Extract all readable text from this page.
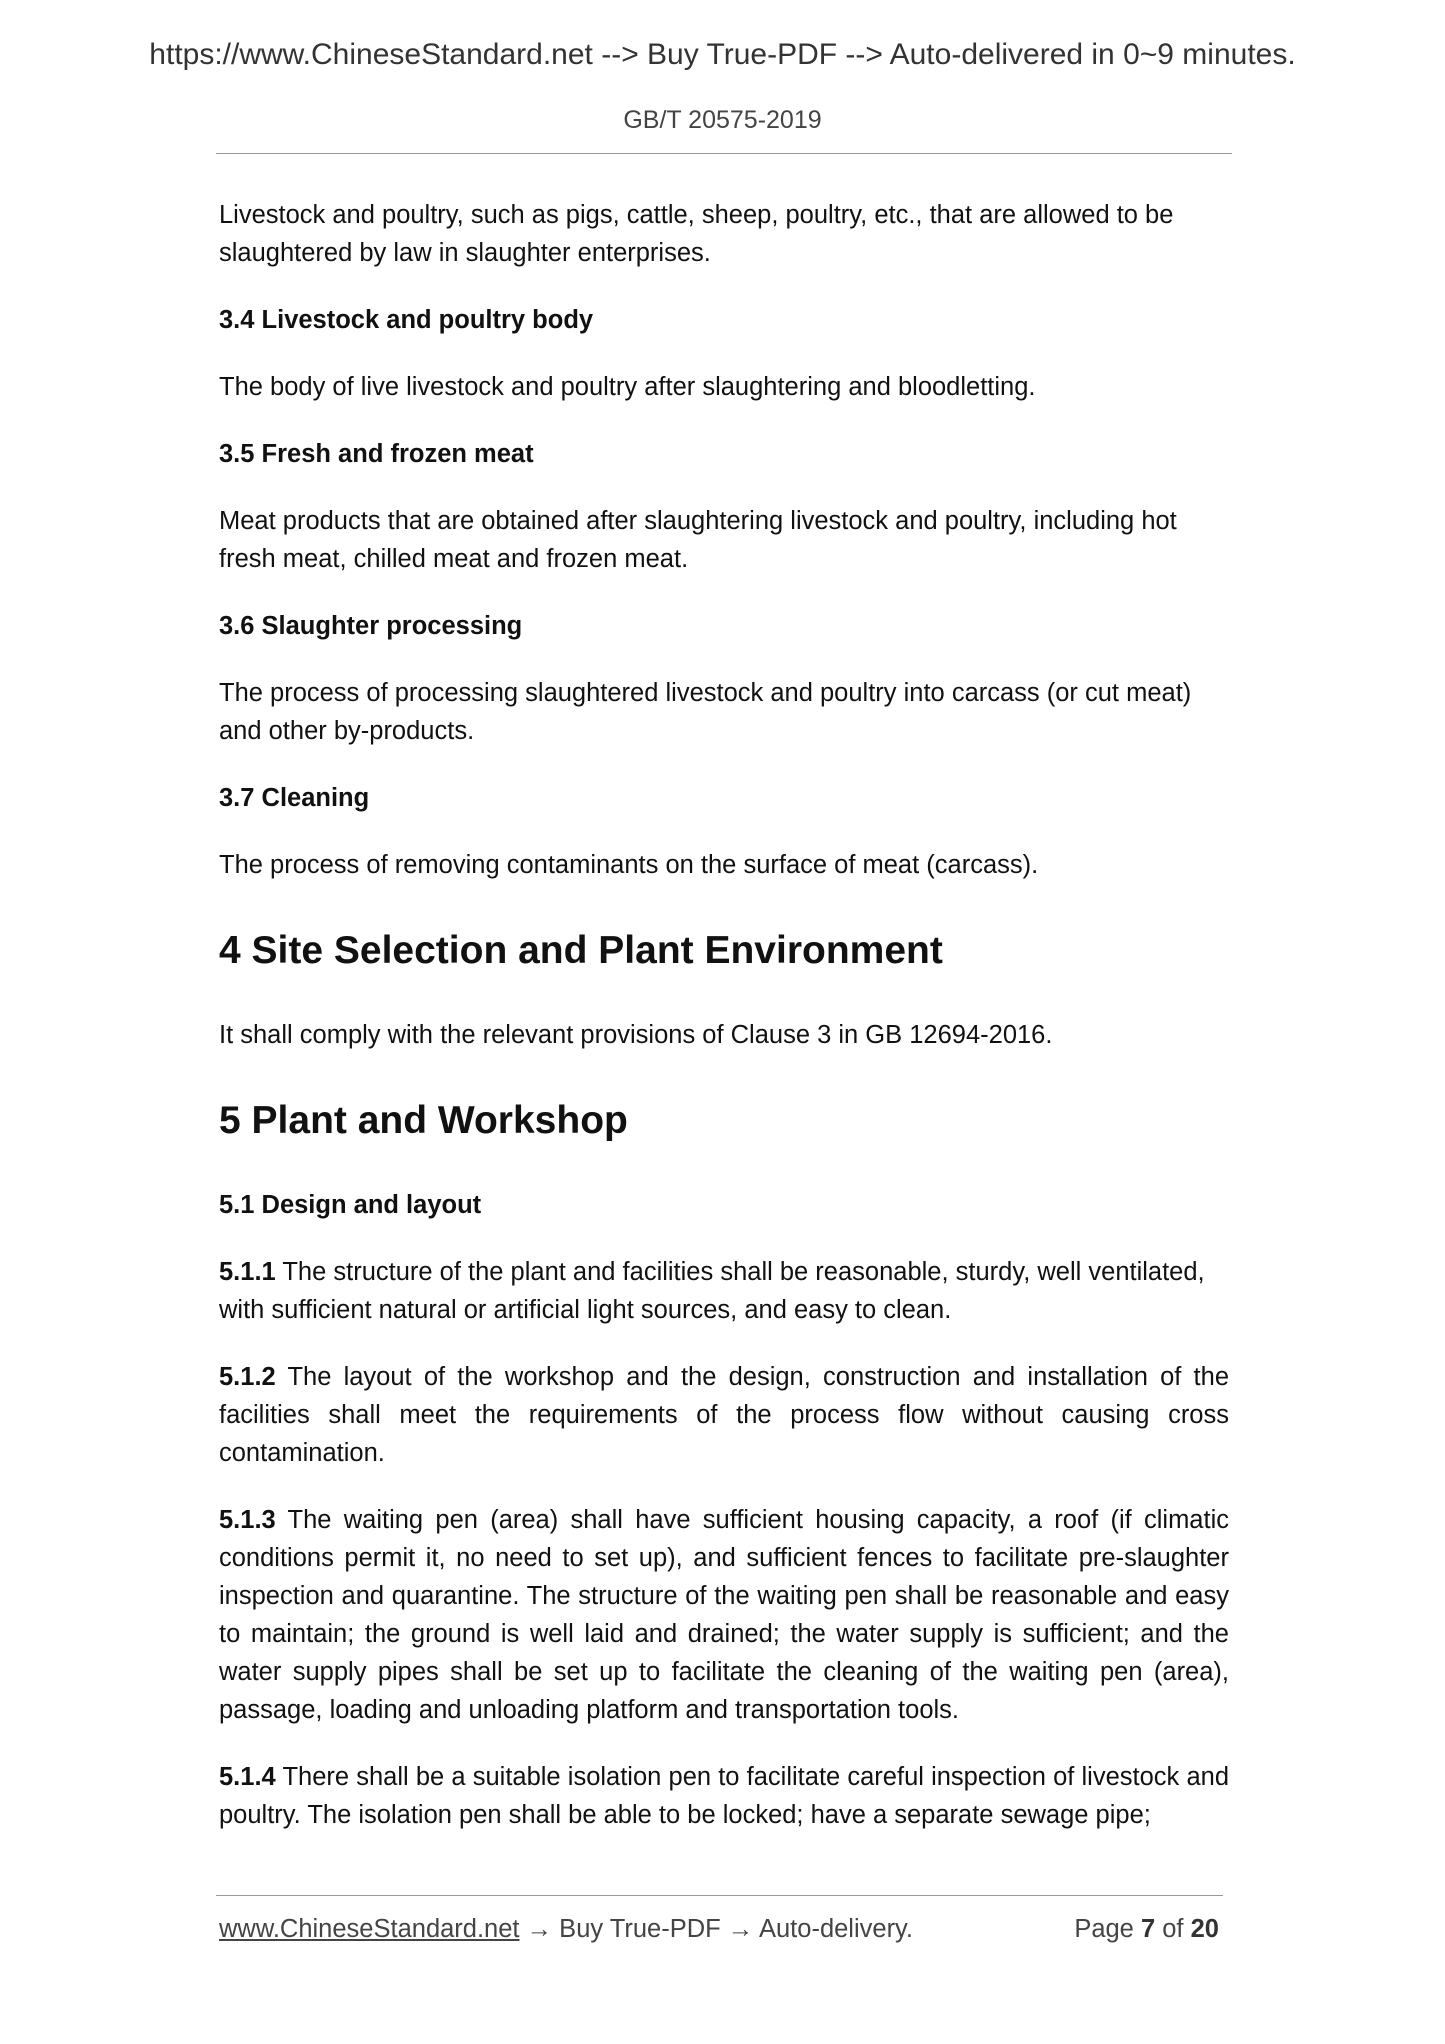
https://www.ChineseStandard.net --> Buy True-PDF --> Auto-delivered in 0~9 minutes.
GB/T 20575-2019

Livestock and poultry, such as pigs, cattle, sheep, poultry, etc., that are allowed to be slaughtered by law in slaughter enterprises.

3.4 Livestock and poultry body

The body of live livestock and poultry after slaughtering and bloodletting.

3.5 Fresh and frozen meat

Meat products that are obtained after slaughtering livestock and poultry, including hot fresh meat, chilled meat and frozen meat.

3.6 Slaughter processing

The process of processing slaughtered livestock and poultry into carcass (or cut meat) and other by-products.

3.7 Cleaning

The process of removing contaminants on the surface of meat (carcass).

4 Site Selection and Plant Environment

It shall comply with the relevant provisions of Clause 3 in GB 12694-2016.

5 Plant and Workshop
5.1 Design and layout

5.1.1 The structure of the plant and facilities shall be reasonable, sturdy, well ventilated, with sufficient natural or artificial light sources, and easy to clean.

5.1.2 The layout of the workshop and the design, construction and installation of the facilities shall meet the requirements of the process flow without causing cross contamination.

5.1.3 The waiting pen (area) shall have sufficient housing capacity, a roof (if climatic conditions permit it, no need to set up), and sufficient fences to facilitate pre-slaughter inspection and quarantine. The structure of the waiting pen shall be reasonable and easy to maintain; the ground is well laid and drained; the water supply is sufficient; and the water supply pipes shall be set up to facilitate the cleaning of the waiting pen (area), passage, loading and unloading platform and transportation tools.

5.1.4 There shall be a suitable isolation pen to facilitate careful inspection of livestock and poultry. The isolation pen shall be able to be locked; have a separate sewage pipe;

www.ChineseStandard.net → Buy True-PDF → Auto-delivery.	Page 7 of 20
